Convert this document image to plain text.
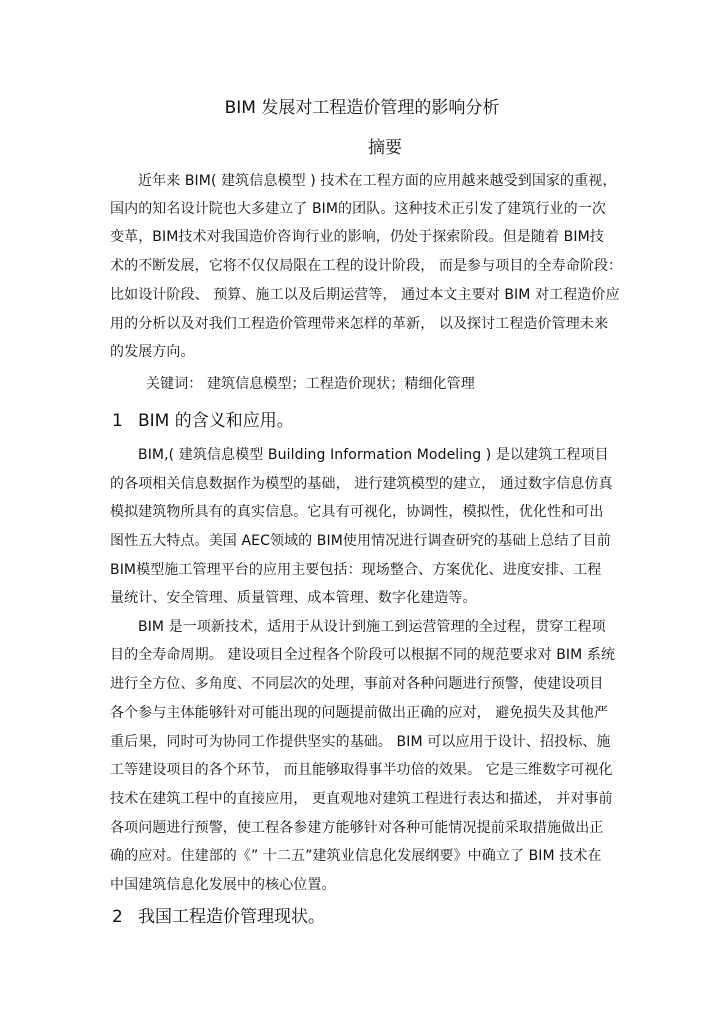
BIM 发展对工程造价管理的影响分析
摘要
近年来 BIM( 建筑信息模型 ) 技术在工程方面的应用越来越受到国家的重视，
国内的知名设计院也大多建立了 BIM的团队。这种技术正引发了建筑行业的一次
变革，BIM技术对我国造价咨询行业的影响，仍处于探索阶段。但是随着 BIM技
术的不断发展，它将不仅仅局限在工程的设计阶段， 而是参与项目的全寿命阶段：
比如设计阶段、 预算、施工以及后期运营等， 通过本文主要对 BIM 对工程造价应
用的分析以及对我们工程造价管理带来怎样的革新， 以及探讨工程造价管理未来
的发展方向。
关键词： 建筑信息模型；工程造价现状；精细化管理
1 BIM 的含义和应用。
BIM,( 建筑信息模型 Building Information Modeling ) 是以建筑工程项目
的各项相关信息数据作为模型的基础， 进行建筑模型的建立， 通过数字信息仿真
模拟建筑物所具有的真实信息。它具有可视化，协调性，模拟性，优化性和可出
图性五大特点。美国 AEC领域的 BIM使用情况进行调查研究的基础上总结了目前
BIM模型施工管理平台的应用主要包括：现场整合、方案优化、进度安排、工程
量统计、安全管理、质量管理、成本管理、数字化建造等。
BIM 是一项新技术，适用于从设计到施工到运营管理的全过程，贯穿工程项
目的全寿命周期。 建设项目全过程各个阶段可以根据不同的规范要求对 BIM 系统
进行全方位、多角度、不同层次的处理，事前对各种问题进行预警，使建设项目
各个参与主体能够针对可能出现的问题提前做出正确的应对， 避免损失及其他严
重后果，同时可为协同工作提供坚实的基础。 BIM 可以应用于设计、招投标、施
工等建设项目的各个环节， 而且能够取得事半功倍的效果。 它是三维数字可视化
技术在建筑工程中的直接应用， 更直观地对建筑工程进行表达和描述， 并对事前
各项问题进行预警，使工程各参建方能够针对各种可能情况提前采取措施做出正
确的应对。住建部的《” 十二五”建筑业信息化发展纲要》中确立了 BIM 技术在
中国建筑信息化发展中的核心位置。
2 我国工程造价管理现状。
